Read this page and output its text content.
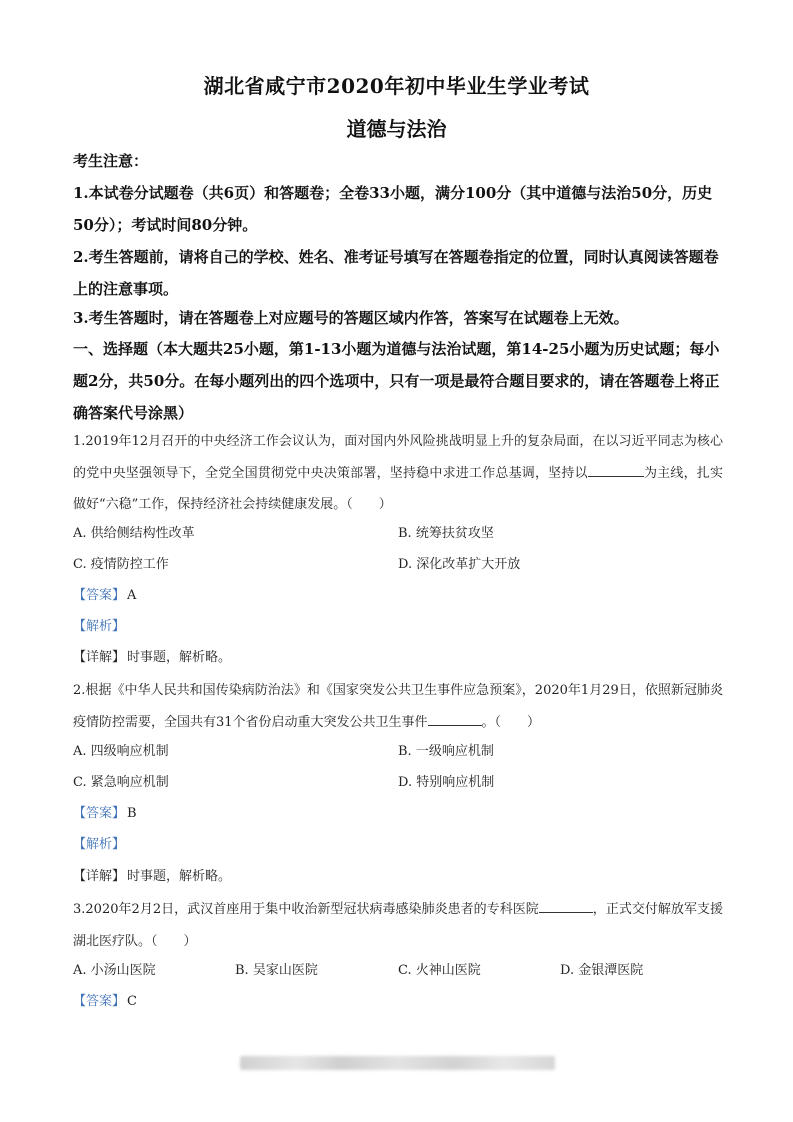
湖北省咸宁市2020年初中毕业生学业考试
道德与法治
考生注意：
1.本试卷分试题卷（共6页）和答题卷；全卷33小题，满分100分（其中道德与法治50分，历史50分）；考试时间80分钟。
2.考生答题前，请将自己的学校、姓名、准考证号填写在答题卷指定的位置，同时认真阅读答题卷上的注意事项。
3.考生答题时，请在答题卷上对应题号的答题区域内作答，答案写在试题卷上无效。
一、选择题（本大题共25小题，第1-13小题为道德与法治试题，第14-25小题为历史试题；每小题2分，共50分。在每小题列出的四个选项中，只有一项是最符合题目要求的，请在答题卷上将正确答案代号涂黑）
1.2019年12月召开的中央经济工作会议认为，面对国内外风险挑战明显上升的复杂局面，在以习近平同志为核心的党中央坚强领导下，全党全国贯彻党中央决策部署，坚持稳中求进工作总基调，坚持以	为主线，扎实做好“六稳”工作，保持经济社会持续健康发展。（　　）
A. 供给侧结构性改革	B. 统筹扶贫攻坚
C. 疫情防控工作	D. 深化改革扩大开放
【答案】 A
【解析】
【详解】 时事题，解析略。
2.根据《中华人民共和国传染病防治法》和《国家突发公共卫生事件应急预案》，2020年1月29日，依照新冠肺炎疫情防控需要，全国共有31个省份启动重大突发公共卫生事件	。（　　）
A. 四级响应机制	B. 一级响应机制
C. 紧急响应机制	D. 特别响应机制
【答案】 B
【解析】
【详解】 时事题，解析略。
3.2020年2月2日，武汉首座用于集中收治新型冠状病毒感染肺炎患者的专科医院	，正式交付解放军支援湖北医疗队。（　　）
A. 小汤山医院	B. 吴家山医院	C. 火神山医院	D. 金银潭医院
【答案】 C
